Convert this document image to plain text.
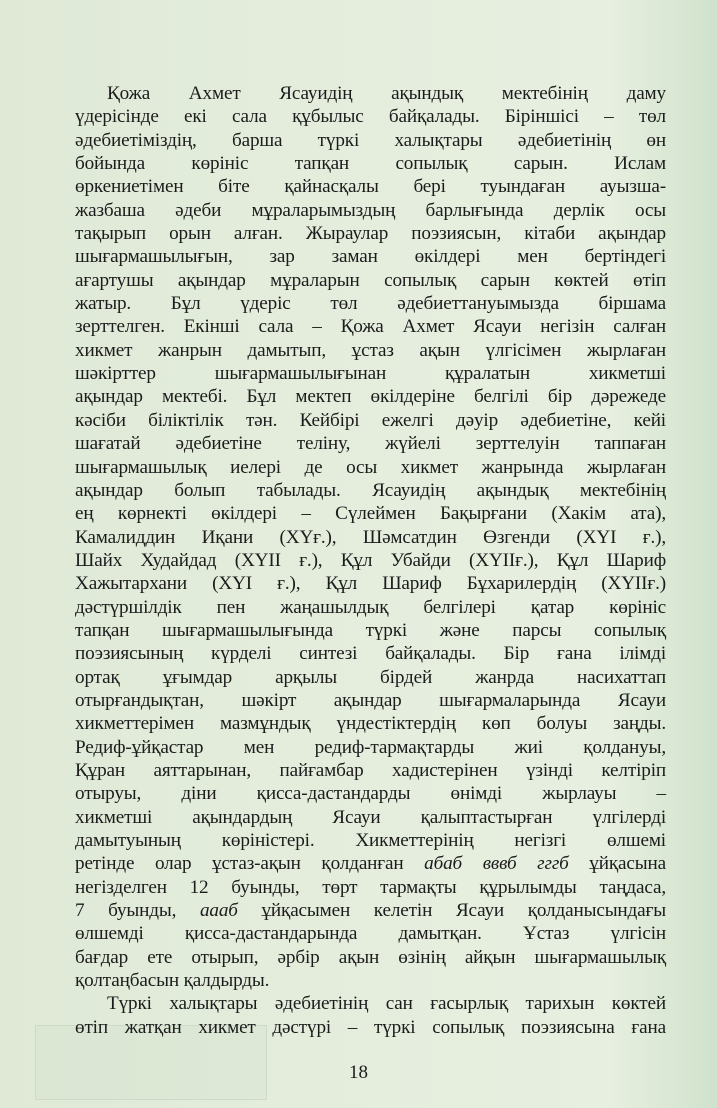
Қожа Ахмет Ясауидің ақындық мектебінің даму
үдерісінде екі сала құбылыс байқалады. Біріншісі – төл
әдебиетіміздің, барша түркі халықтары әдебиетінің өн
бойында көрініс тапқан сопылық сарын. Ислам
өркениетімен біте қайнасқалы бері туындаған ауызша-
жазбаша әдеби мұраларымыздың барлығында дерлік осы
тақырып орын алған. Жыраулар поэзиясын, кітаби ақындар
шығармашылығын, зар заман өкілдері мен бертіндегі
ағартушы ақындар мұраларын сопылық сарын көктей өтіп
жатыр. Бұл үдеріс төл әдебиеттануымызда біршама
зерттелген. Екінші сала – Қожа Ахмет Ясауи негізін салған
хикмет жанрын дамытып, ұстаз ақын үлгісімен жырлаған
шәкірттер шығармашылығынан құралатын хикметші
ақындар мектебі. Бұл мектеп өкілдеріне белгілі бір дәрежеде
кәсіби біліктілік тән. Кейбірі ежелгі дәуір әдебиетіне, кейі
шағатай әдебиетіне теліну, жүйелі зерттелуін таппаған
шығармашылық иелері де осы хикмет жанрында жырлаған
ақындар болып табылады. Ясауидің ақындық мектебінің
ең көрнекті өкілдері – Сүлеймен Бақырғани (Хакім ата),
Камалиддин Иқани (XYғ.), Шәмсатдин Өзгенди (XYI ғ.),
Шайх Худайдад (XYII ғ.), Құл Убайди (XYIIғ.), Құл Шариф
Хажытархани (XYI ғ.), Құл Шариф Бұхарилердің (XYIIғ.)
дәстүршілдік пен жаңашылдық белгілері қатар көрініс
тапқан шығармашылығында түркі және парсы сопылық
поэзиясының күрделі синтезі байқалады. Бір ғана ілімді
ортақ ұғымдар арқылы бірдей жанрда насихаттап
отырғандықтан, шәкірт ақындар шығармаларында Ясауи
хикметтерімен мазмұндық үндестіктердің көп болуы заңды.
Редиф-ұйқастар мен редиф-тармақтарды жиі қолдануы,
Құран аяттарынан, пайғамбар хадистерінен үзінді келтіріп
отыруы, діни қисса-дастандарды өнімді жырлауы –
хикметші ақындардың Ясауи қалыптастырған үлгілерді
дамытуының көріністері. Хикметтерінің негізгі өлшемі
ретінде олар ұстаз-ақын қолданған абаб вввб гггб ұйқасына
негізделген 12 буынды, төрт тармақты құрылымды таңдаса,
7 буынды, аааб ұйқасымен келетін Ясауи қолданысындағы
өлшемді қисса-дастандарында дамытқан. Ұстаз үлгісін
бағдар ете отырып, әрбір ақын өзінің айқын шығармашылық
қолтаңбасын қалдырды.
Түркі халықтары әдебиетінің сан ғасырлық тарихын көктей
өтіп жатқан хикмет дәстүрі – түркі сопылық поэзиясына ғана
18
